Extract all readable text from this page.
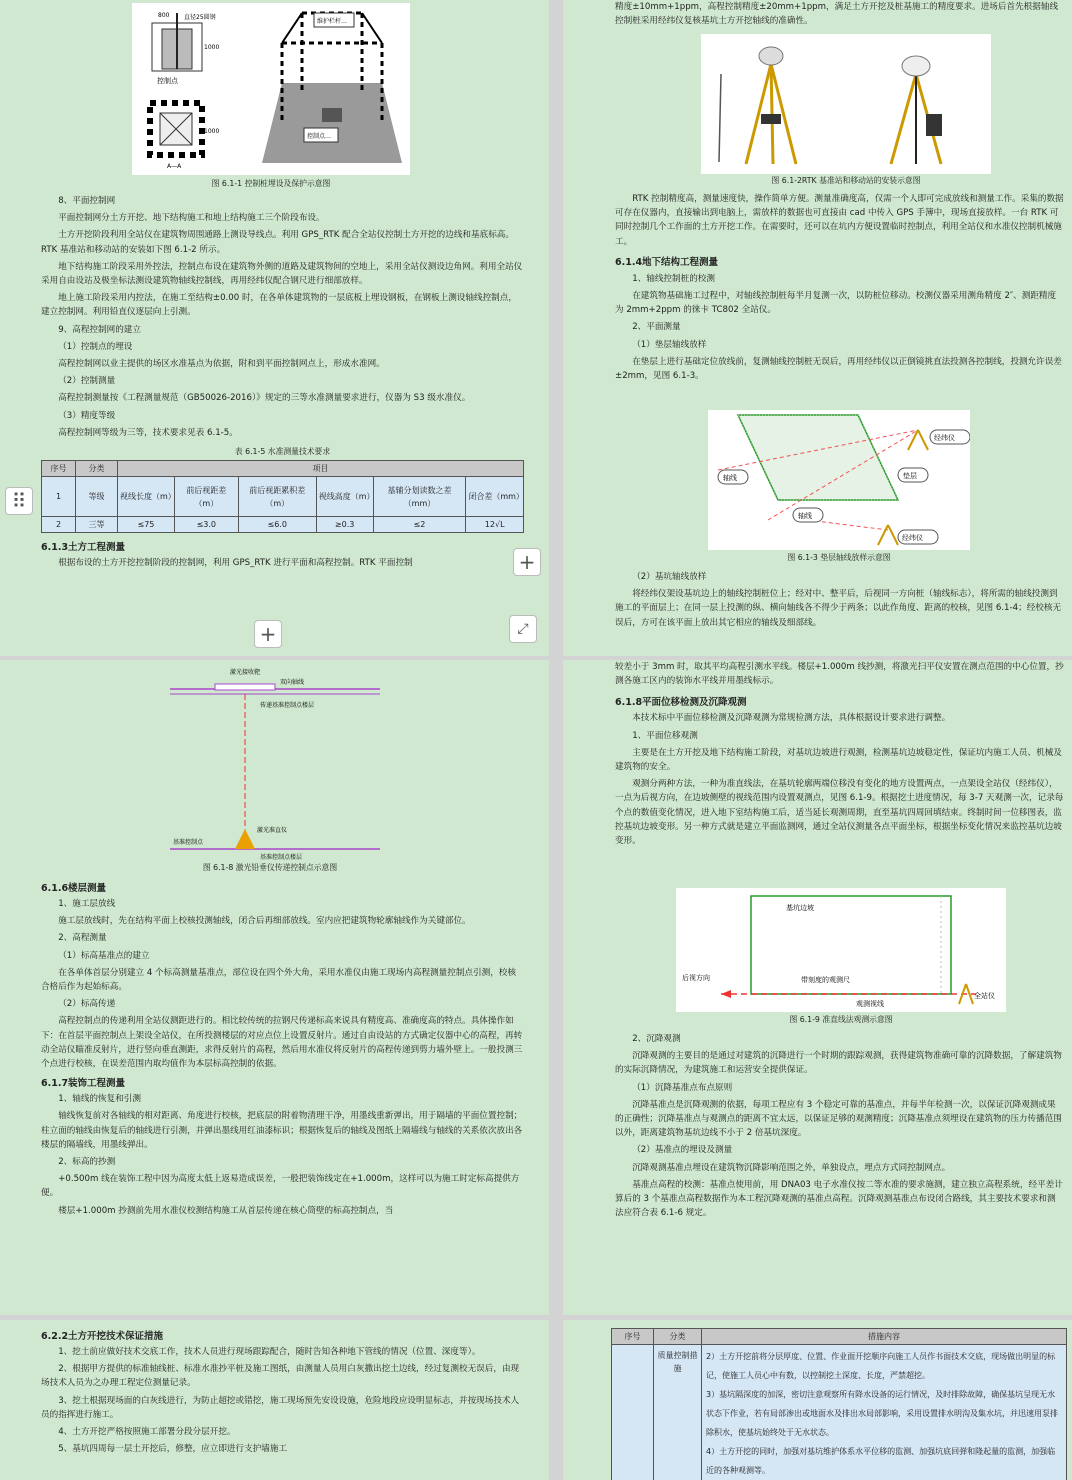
800 直径25圆钢
1000
控制点
1000
A—A
维护栏杆…
控制点…
图 6.1-1 控制桩埋设及保护示意图

8、平面控制网

平面控制网分土方开挖、地下结构施工和地上结构施工三个阶段布设。

土方开挖阶段利用全站仪在建筑物周围通路上测设导线点。利用 GPS_RTK 配合全站仪控制土方开挖的边线和基底标高。RTK 基准站和移动站的安装如下图 6.1-2 所示。

地下结构施工阶段采用外控法，控制点布设在建筑物外侧的道路及建筑物间的空地上，采用全站仪测设边角网。利用全站仪采用自由设站及极坐标法测设建筑物轴线控制线，再用经纬仪配合钢尺进行细部放样。

地上施工阶段采用内控法，在施工至结构±0.00 时，在各单体建筑物的一层底板上埋设钢板，在钢板上测设轴线控制点，建立控制网。利用铅直仪逐层向上引测。

9、高程控制网的建立

（1）控制点的埋设

高程控制网以业主提供的场区水准基点为依据，附和到平面控制网点上，形成水准网。

（2）控制测量

高程控制测量按《工程测量规范（GB50026-2016）》规定的三等水准测量要求进行，仪器为 S3 级水准仪。

（3）精度等级

高程控制网等级为三等，技术要求见表 6.1-5。

表 6.1-5 水准测量技术要求

序号	分类	项目					
1	等级	视线长度（m）	前后视距差（m）	前后视距累积差（m）	视线高度（m）	基辅分划读数之差（mm）	闭合差（mm）
2	三等	≤75	≤3.0	≤6.0	≥0.3	≤2	12√L

6.1.3土方工程测量

根据布设的土方开挖控制阶段的控制网，利用 GPS_RTK 进行平面和高程控制。RTK 平面控制

精度±10mm+1ppm，高程控制精度±20mm+1ppm，满足土方开挖及桩基施工的精度要求。进场后首先根据轴线控制桩采用经纬仪复核基坑土方开挖轴线的准确性。

图 6.1-2RTK 基准站和移动站的安装示意图

RTK 控制精度高，测量速度快，操作简单方便。测量准确度高，仅需一个人即可完成放线和测量工作。采集的数据可存在仪器内，直接输出到电脑上，需放样的数据也可直接由 cad 中传入 GPS 手簿中，现场直接放样。一台 RTK 可同时控制几个工作面的土方开挖工作。在需要时，还可以在坑内方便设置临时控制点，利用全站仪和水准仪控制机械施工。

6.1.4地下结构工程测量

1、轴线控制桩的校测

在建筑物基础施工过程中，对轴线控制桩每半月复测一次，以防桩位移动。校测仪器采用测角精度 2″、测距精度为 2mm+2ppm 的徕卡 TC802 全站仪。

2、平面测量

（1）垫层轴线放样

在垫层上进行基础定位放线前，复测轴线控制桩无误后，再用经纬仪以正倒镜挑直法投测各控制线，投测允许误差±2mm，见图 6.1-3。

经纬仪
轴线	垫层
轴线
经纬仪
图 6.1-3 垫层轴线放样示意图

（2）基坑轴线放样

将经纬仪架设基坑边上的轴线控制桩位上；经对中、整平后，后视同一方向桩（轴线标志），将所需的轴线投测到施工的平面层上；在同一层上投测的纵、横向轴线各不得少于两条；以此作角度、距离的校核，见图 6.1-4；经校核无误后，方可在该平面上放出其它相应的轴线及细部线。

激光接收靶
双向轴线
传递基准控制点楼层
激光准直仪
基准控制点
基准控制点楼层
图 6.1-8 激光铅垂仪传递控制点示意图

6.1.6楼层测量

1、施工层放线

施工层放线时，先在结构平面上校核投测轴线，闭合后再细部放线。室内应把建筑物轮廓轴线作为关键部位。

2、高程测量

（1）标高基准点的建立

在各单体首层分别建立 4 个标高测量基准点，部位设在四个外大角，采用水准仪由施工现场内高程测量控制点引测，校核合格后作为起始标高。

（2）标高传递

高程控制点的传递利用全站仪测距进行的。相比较传统的拉钢尺传递标高来说具有精度高、准确度高的特点。具体操作如下：在首层平面控制点上架设全站仪，在所投测楼层的对应点位上设置反射片。通过自由设站的方式确定仪器中心的高程，再转动全站仪瞄准反射片，进行竖向垂直测距，求得反射片的高程，然后用水准仪将反射片的高程传递到剪力墙外壁上。一般投测三个点进行校核，在误差范围内取均值作为本层标高控制的依据。

6.1.7装饰工程测量

1、轴线的恢复和引测

轴线恢复前对各轴线的相对距离、角度进行校核，把底层的附着物清理干净，用墨线重新弹出，用于隔墙的平面位置控制；柱立面的轴线由恢复后的轴线进行引测，并弹出墨线用红油漆标识；根据恢复后的轴线及图纸上隔墙线与轴线的关系依次放出各楼层的隔墙线，用墨线弹出。

2、标高的抄测

+0.500m 线在装饰工程中因为高度太低上返易造成误差，一般把装饰线定在+1.000m，这样可以为施工时定标高提供方便。

楼层+1.000m 抄测前先用水准仪校测结构施工从首层传递在核心筒壁的标高控制点，当

较差小于 3mm 时，取其平均高程引测水平线。楼层+1.000m 线抄测，将激光扫平仪安置在测点范围的中心位置，抄测各施工区内的装饰水平线并用墨线标示。

6.1.8平面位移检测及沉降观测

本技术标中平面位移检测及沉降观测为常规检测方法，具体根据设计要求进行调整。

1、平面位移观测

主要是在土方开挖及地下结构施工阶段，对基坑边坡进行观测，检测基坑边坡稳定性，保证坑内施工人员、机械及建筑物的安全。

观测分两种方法，一种为准直线法，在基坑轮廓两端位移没有变化的地方设置两点，一点架设全站仪（经纬仪），一点为后视方向，在边坡侧壁的视线范围内设置观测点，见图 6.1-9。根据挖土进度情况，每 3-7 天观测一次，记录每个点的数值变化情况，进入地下室结构施工后，适当延长观测周期，直至基坑四周回填结束。终制时间一位移图表，监控基坑边坡变形。另一种方式就是建立平面监测网，通过全站仪测量各点平面坐标，根据坐标变化情况来监控基坑边坡变形。

基坑边坡
后视方向	带刻度的观测尺
观测视线
全站仪
图 6.1-9 准直线法观测示意图

2、沉降观测

沉降观测的主要目的是通过对建筑的沉降进行一个时期的跟踪观测，获得建筑物准确可靠的沉降数据，了解建筑物的实际沉降情况，为建筑施工和运营安全提供保证。

（1）沉降基准点布点原则

沉降基准点是沉降观测的依据，每项工程应有 3 个稳定可靠的基准点，并每半年检测一次，以保证沉降观测成果的正确性；沉降基准点与观测点的距离不宜太远，以保证足够的观测精度；沉降基准点须埋设在建筑物的压力传播范围以外，距离建筑物基坑边线不小于 2 倍基坑深度。

（2）基准点的埋设及测量

沉降观测基准点埋设在建筑物沉降影响范围之外，单独设点，埋点方式同控制网点。

基准点高程的校测：基准点使用前，用 DNA03 电子水准仪按二等水准的要求施测，建立独立高程系统，经平差计算后的 3 个基准点高程数据作为本工程沉降观测的基准点高程。沉降观测基准点布设闭合路线，其主要技术要求和测法应符合表 6.1-6 规定。

6.2.2土方开挖技术保证措施

1、挖土前应做好技术交底工作，技术人员进行现场跟踪配合，随时告知各种地下管线的情况（位置、深度等）。

2、根据甲方提供的标准轴线桩、标准水准抄平桩及施工图纸，由测量人员用白灰撒出挖土边线，经过复测校无误后，由现场技术人员为之办理工程定位测量记录。

3、挖土根据现场面的白灰线进行，为防止超挖或错挖，施工现场预先安设设施，危险地段应设明显标志，并按现场技术人员的指挥进行施工。

4、土方开挖严格按照施工部署分段分层开挖。

5、基坑四周每一层土开挖后，修整，应立即进行支护墙施工

序号	分类	措施内容
	质量控制措施	2）土方开挖前将分层厚度、位置、作业面开挖顺序向施工人员作书面技术交底，现场做出明显的标记，使施工人员心中有数，以控制挖土深度、长度，严禁超挖。
3）基坑隔深度的加深，密切注意观察所有降水设备的运行情况，及时排除故障，确保基坑呈现无水状态下作业，若有局部渗出或地面水及排出水局部影响，采用设置排水明沟及集水坑，并迅速用泵排除积水，使基坑始终处于无水状态。
4）土方开挖的同时，加强对基坑维护体系水平位移的监测、加强坑底回弹和隆起量的监测，加强临近的各种观测等。
⠿
+
+	⤢
